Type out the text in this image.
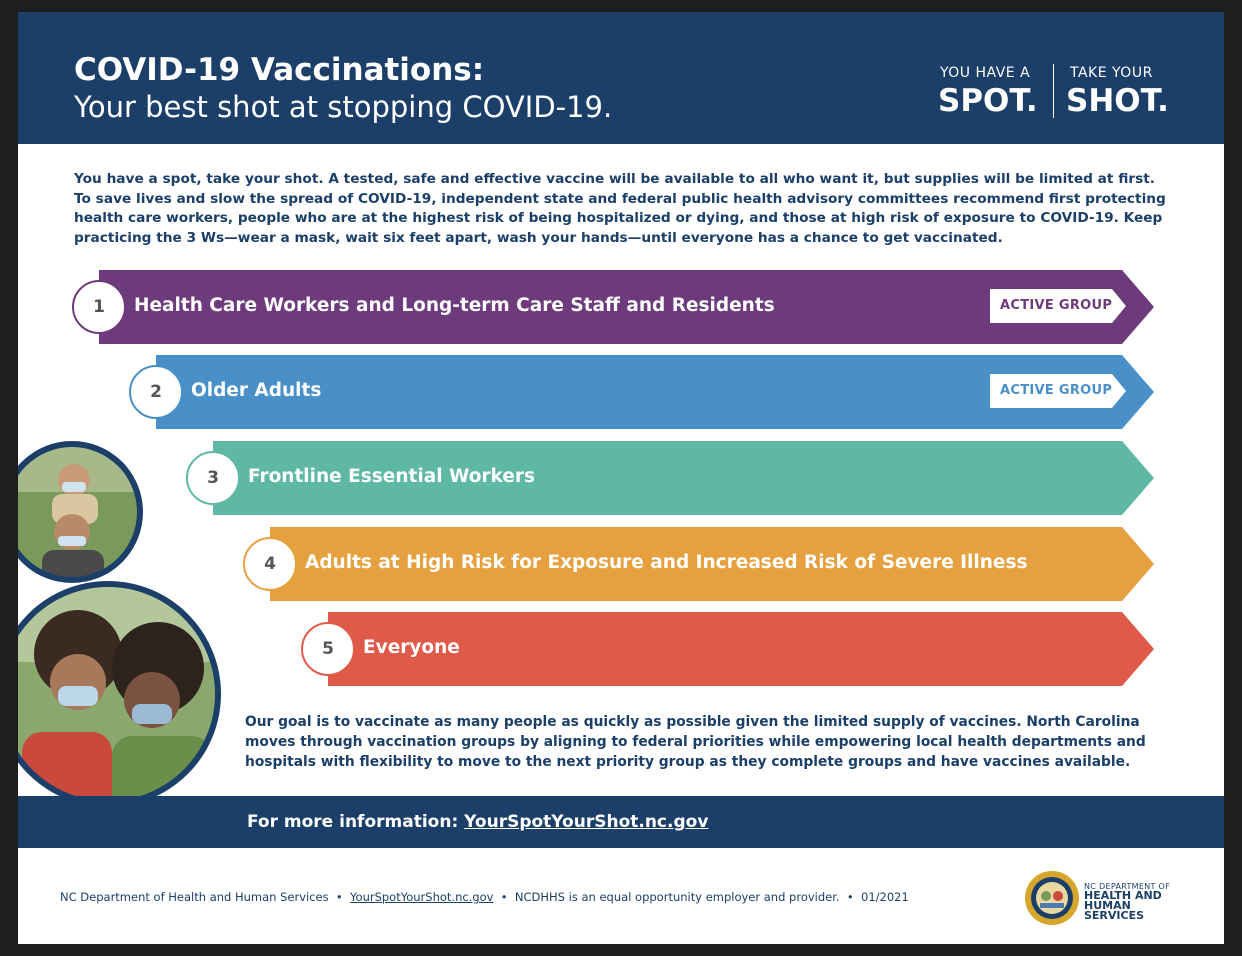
COVID-19 Vaccinations:
Your best shot at stopping COVID-19.
YOU HAVE A
SPOT.
TAKE YOUR
SHOT.
You have a spot, take your shot. A tested, safe and effective vaccine will be available to all who want it, but supplies will be limited at first. To save lives and slow the spread of COVID-19, independent state and federal public health advisory committees recommend first protecting health care workers, people who are at the highest risk of being hospitalized or dying, and those at high risk of exposure to COVID-19. Keep practicing the 3 Ws—wear a mask, wait six feet apart, wash your hands—until everyone has a chance to get vaccinated.
1	Health Care Workers and Long-term Care Staff and Residents	ACTIVE GROUP
2	Older Adults	ACTIVE GROUP
3	Frontline Essential Workers
4	Adults at High Risk for Exposure and Increased Risk of Severe Illness
5	Everyone
Our goal is to vaccinate as many people as quickly as possible given the limited supply of vaccines. North Carolina moves through vaccination groups by aligning to federal priorities while empowering local health departments and hospitals with flexibility to move to the next priority group as they complete groups and have vaccines available.
For more information: YourSpotYourShot.nc.gov
NC Department of Health and Human Services • YourSpotYourShot.nc.gov • NCDHHS is an equal opportunity employer and provider. • 01/2021
NC DEPARTMENT OF
HEALTH AND HUMAN SERVICES
